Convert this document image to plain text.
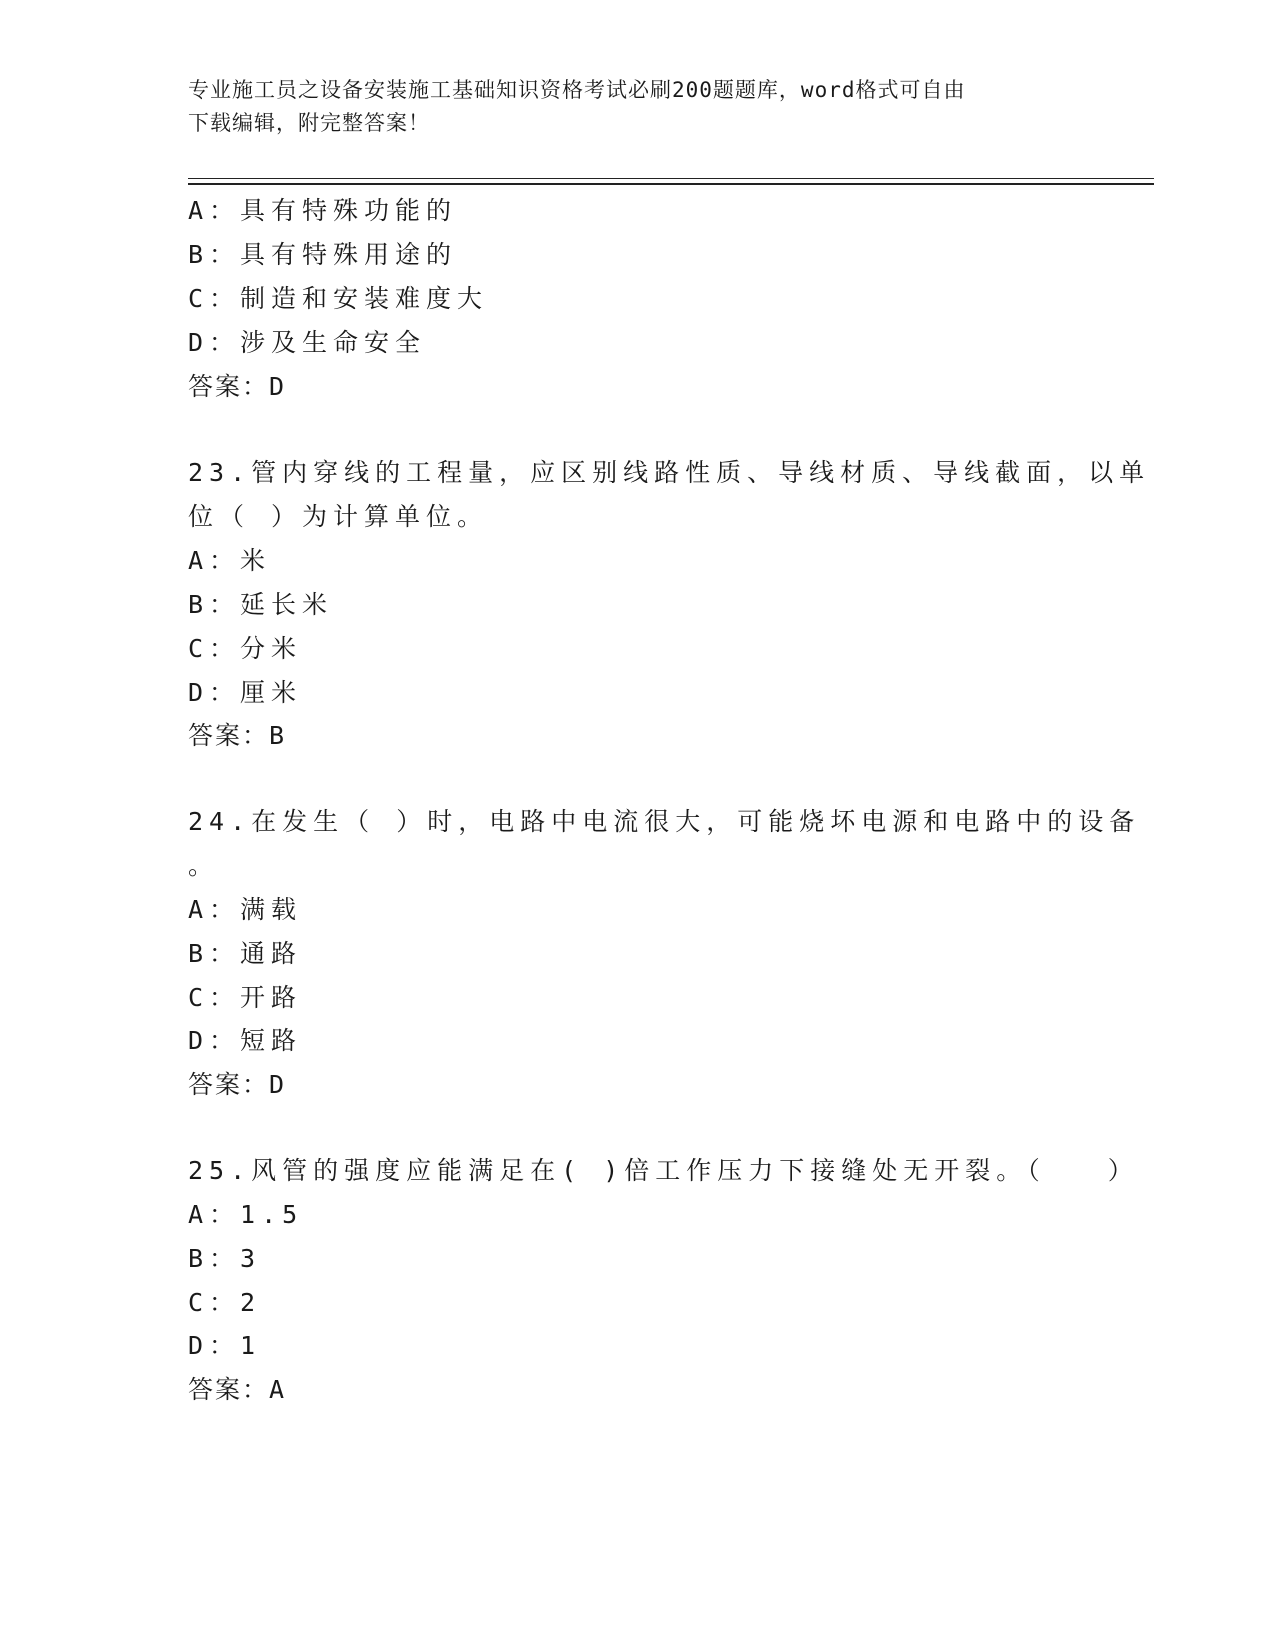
专业施工员之设备安装施工基础知识资格考试必刷200题题库，word格式可自由
下载编辑，附完整答案！
A：具有特殊功能的
B：具有特殊用途的
C：制造和安装难度大
D：涉及生命安全
答案：D
23.管内穿线的工程量，应区别线路性质、导线材质、导线截面，以单
位（ ）为计算单位。
A：米
B：延长米
C：分米
D：厘米
答案：B
24.在发生（ ）时，电路中电流很大，可能烧坏电源和电路中的设备
。
A：满载
B：通路
C：开路
D：短路
答案：D
25.风管的强度应能满足在( )倍工作压力下接缝处无开裂。（　　）
A：1.5
B：3
C：2
D：1
答案：A
